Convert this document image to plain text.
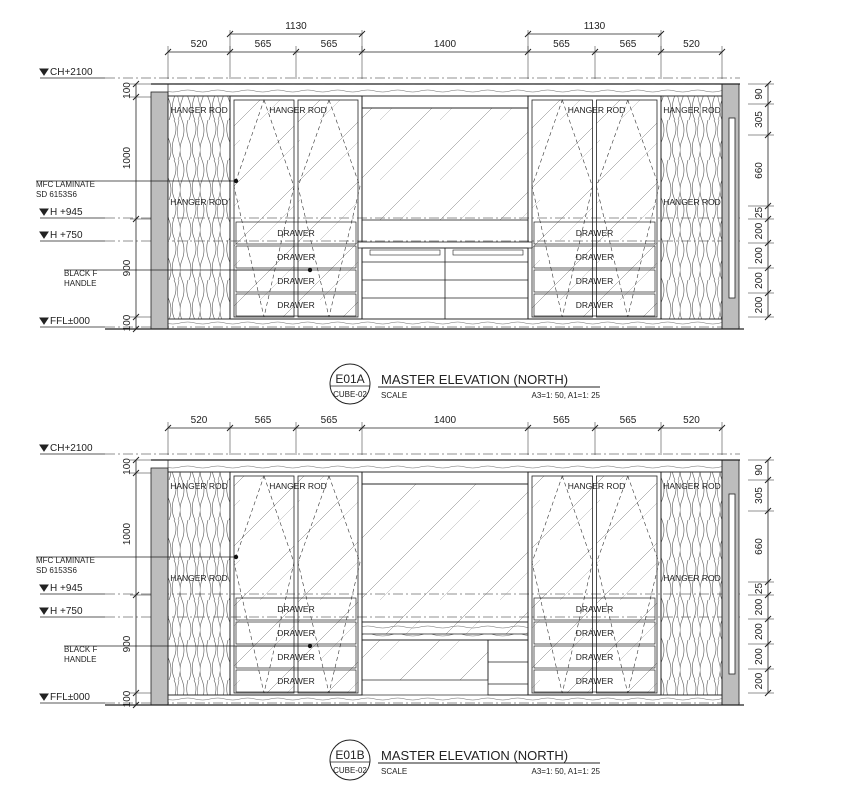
520	565	565	1400	565	565	520
1130	1130
CH+2100
H +945
H +750
FFL±000
100
1000
900
100
90
305
660
25
200
200
200
200
DRAWER
DRAWER
DRAWER
DRAWER
HANGER ROD
DRAWER
DRAWER
DRAWER
DRAWER
HANGER ROD
HANGER ROD
HANGER ROD
HANGER ROD
HANGER ROD
MFC LAMINATE
SD 6153S6
BLACK F
HANDLE
E01A
CUBE-02
MASTER ELEVATION (NORTH)
SCALE	A3=1: 50, A1=1: 25
520	565	565	1400	565	565	520
CH+2100
H +945
H +750
FFL±000
100
1000
900
100
90
305
660
25
200
200
200
200
DRAWER
DRAWER
DRAWER
DRAWER
HANGER ROD
DRAWER
DRAWER
DRAWER
DRAWER
HANGER ROD
HANGER ROD
HANGER ROD
HANGER ROD
HANGER ROD
MFC LAMINATE
SD 6153S6
BLACK F
HANDLE
E01B
CUBE-02
MASTER ELEVATION (NORTH)
SCALE	A3=1: 50, A1=1: 25
